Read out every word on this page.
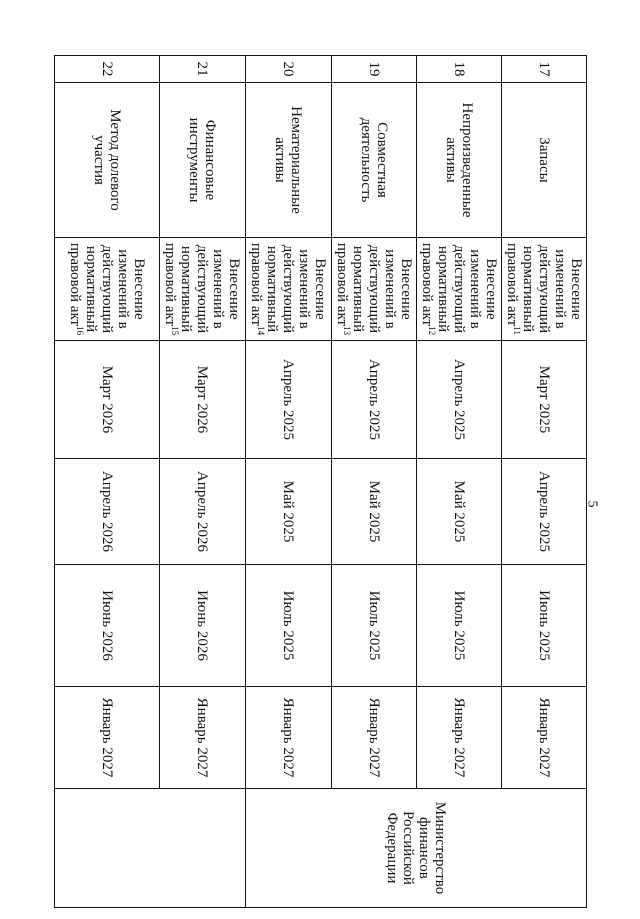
5
17	Запасы	Внесение изменений в действующий нормативный правовой акт$^{11}$	Март 2025	Апрель 2025	Июнь 2025	Январь 2027	Министерство финансов Российской Федерации
18	Непроизведенные активы	Внесение изменений в действующий нормативный правовой акт$^{12}$	Апрель 2025	Май 2025	Июль 2025	Январь 2027	
19	Совместная деятельность	Внесение изменений в действующий нормативный правовой акт$^{13}$	Апрель 2025	Май 2025	Июль 2025	Январь 2027	
20	Нематериальные активы	Внесение изменений в действующий нормативный правовой акт$^{14}$	Апрель 2025	Май 2025	Июль 2025	Январь 2027	
21	Финансовые инструменты	Внесение изменений в действующий нормативный правовой акт$^{15}$	Март 2026	Апрель 2026	Июнь 2026	Январь 2027	
22	Метод долевого участия	Внесение изменений в действующий нормативный правовой акт$^{16}$	Март 2026	Апрель 2026	Июнь 2026	Январь 2027	
